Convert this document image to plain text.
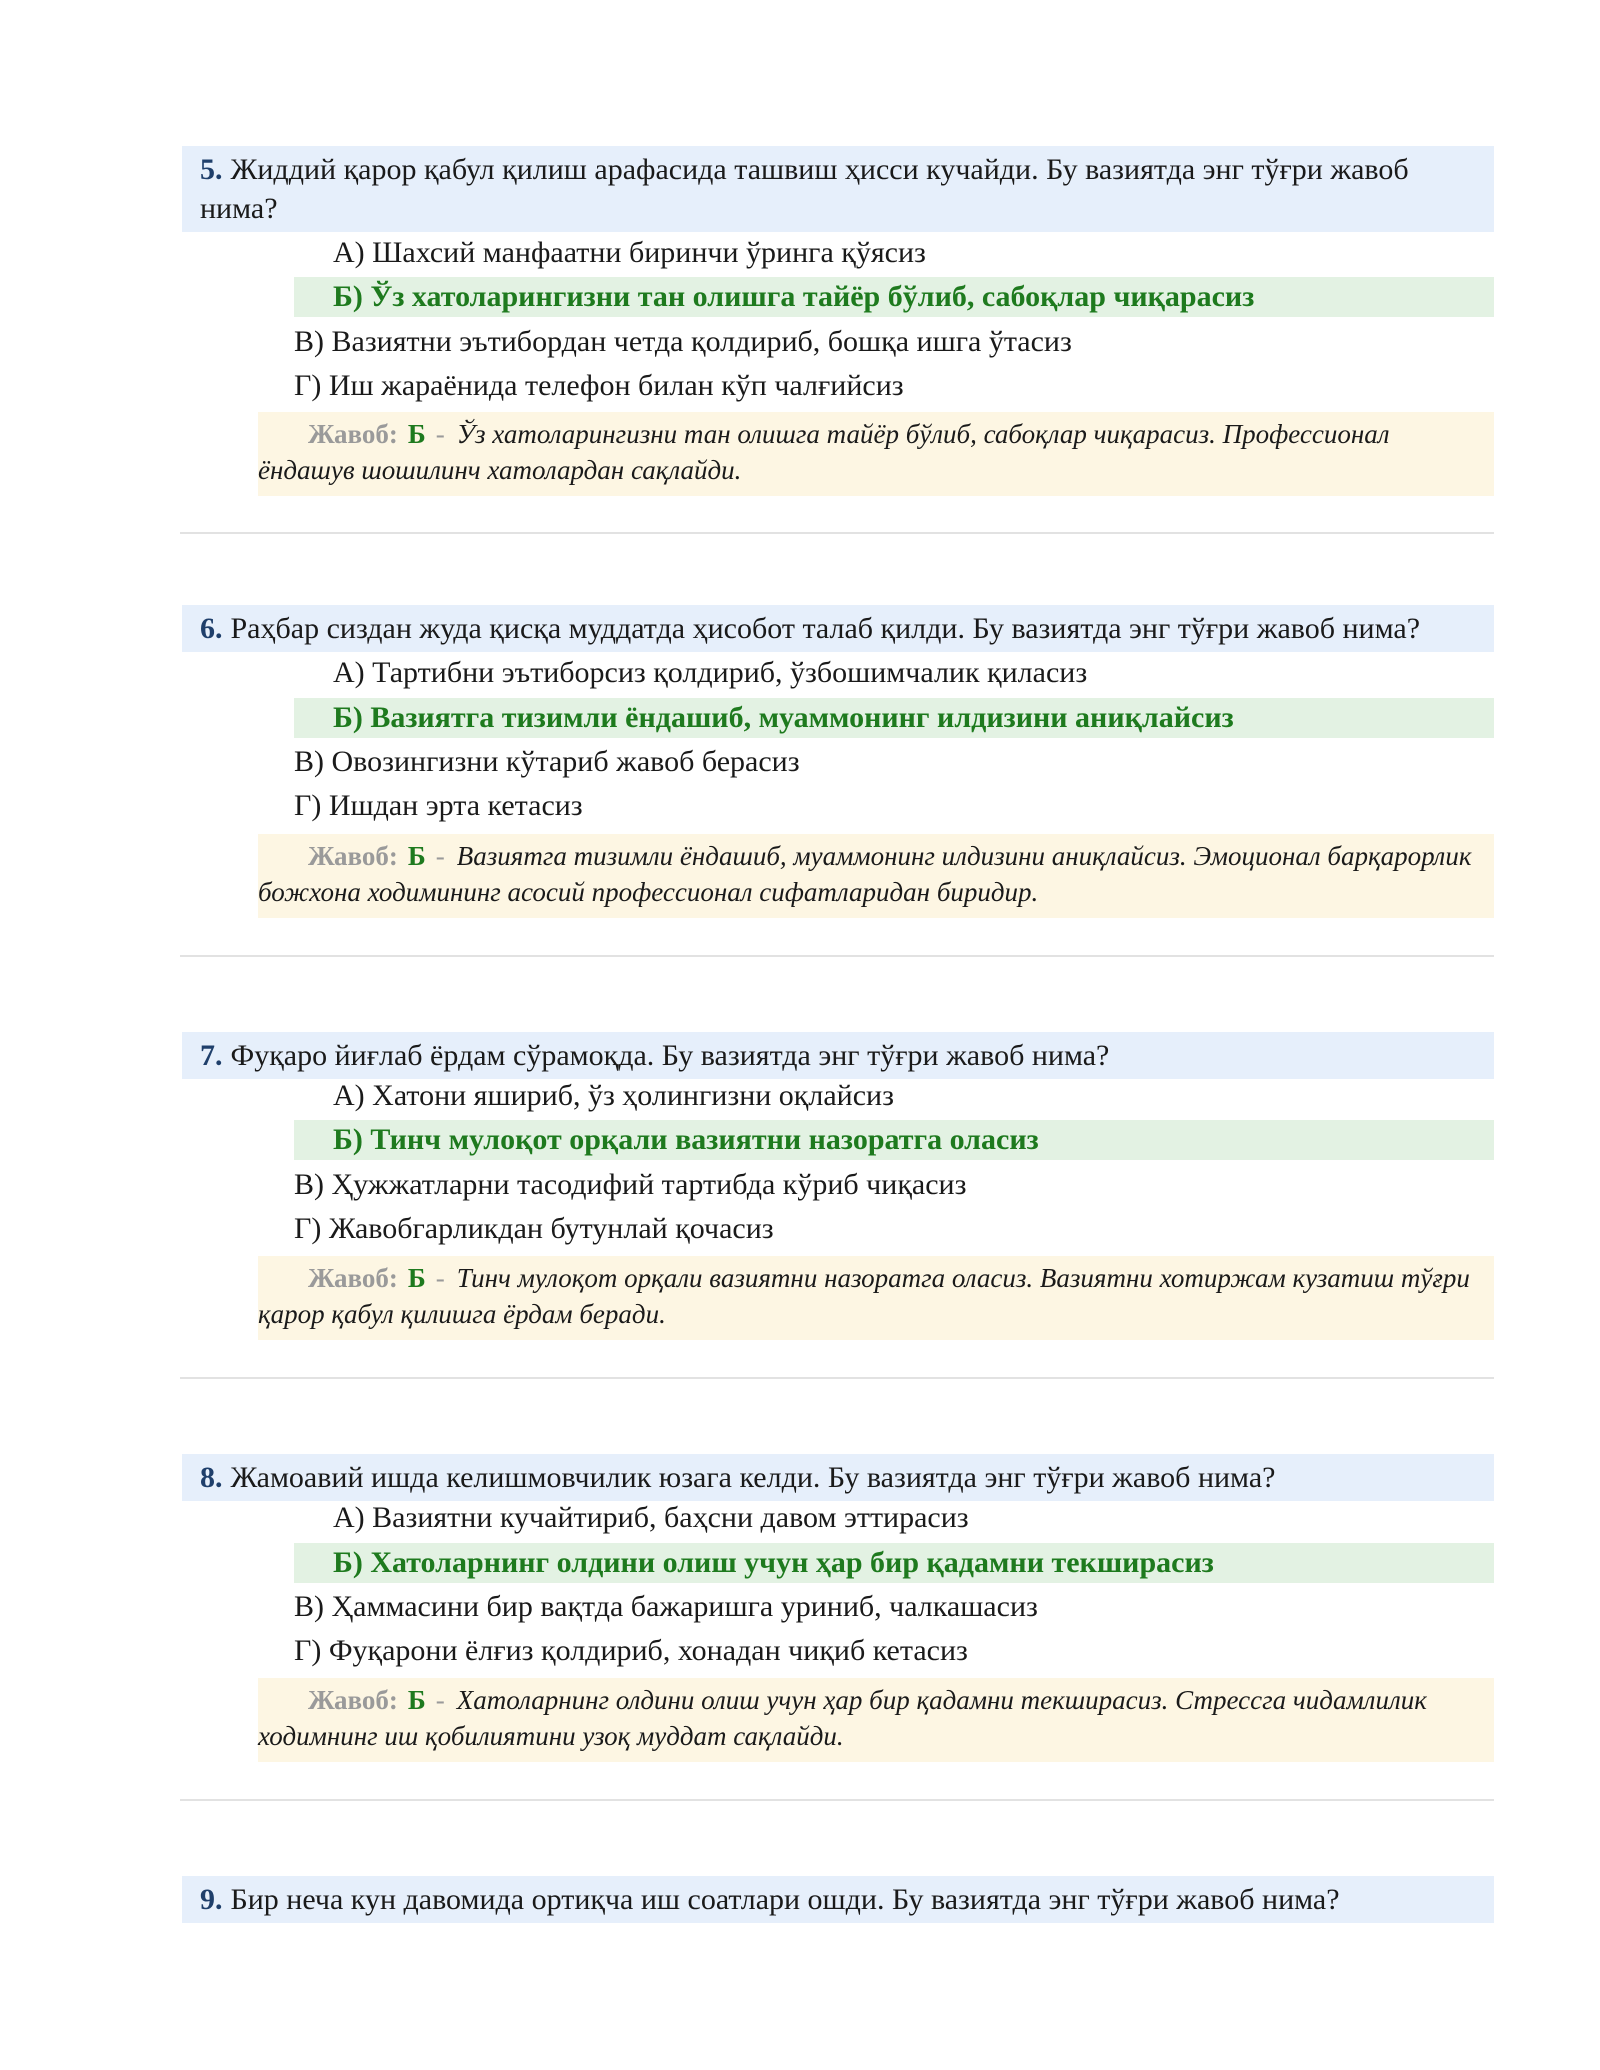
5. Жиддий қарор қабул қилиш арафасида ташвиш ҳисси кучайди. Бу вазиятда энг тўғри жавоб нима?
А) Шахсий манфаатни биринчи ўринга қўясиз
Б) Ўз хатоларингизни тан олишга тайёр бўлиб, сабоқлар чиқарасиз
В) Вазиятни эътибордан четда қолдириб, бошқа ишга ўтасиз
Г) Иш жараёнида телефон билан кўп чалғийсиз
Жавоб: Б - Ўз хатоларингизни тан олишга тайёр бўлиб, сабоқлар чиқарасиз. Профессионал ёндашув шошилинч хатолардан сақлайди.
6. Раҳбар сиздан жуда қисқа муддатда ҳисобот талаб қилди. Бу вазиятда энг тўғри жавоб нима?
А) Тартибни эътиборсиз қолдириб, ўзбошимчалик қиласиз
Б) Вазиятга тизимли ёндашиб, муаммонинг илдизини аниқлайсиз
В) Овозингизни кўтариб жавоб берасиз
Г) Ишдан эрта кетасиз
Жавоб: Б - Вазиятга тизимли ёндашиб, муаммонинг илдизини аниқлайсиз. Эмоционал барқарорлик божхона ходимининг асосий профессионал сифатларидан биридир.
7. Фуқаро йиғлаб ёрдам сўрамоқда. Бу вазиятда энг тўғри жавоб нима?
А) Хатони яшириб, ўз ҳолингизни оқлайсиз
Б) Тинч мулоқот орқали вазиятни назоратга оласиз
В) Ҳужжатларни тасодифий тартибда кўриб чиқасиз
Г) Жавобгарликдан бутунлай қочасиз
Жавоб: Б - Тинч мулоқот орқали вазиятни назоратга оласиз. Вазиятни хотиржам кузатиш тўғри қарор қабул қилишга ёрдам беради.
8. Жамоавий ишда келишмовчилик юзага келди. Бу вазиятда энг тўғри жавоб нима?
А) Вазиятни кучайтириб, баҳсни давом эттирасиз
Б) Хатоларнинг олдини олиш учун ҳар бир қадамни текширасиз
В) Ҳаммасини бир вақтда бажаришга уриниб, чалкашасиз
Г) Фуқарони ёлғиз қолдириб, хонадан чиқиб кетасиз
Жавоб: Б - Хатоларнинг олдини олиш учун ҳар бир қадамни текширасиз. Стрессга чидамлилик ходимнинг иш қобилиятини узоқ муддат сақлайди.
9. Бир неча кун давомида ортиқча иш соатлари ошди. Бу вазиятда энг тўғри жавоб нима?
